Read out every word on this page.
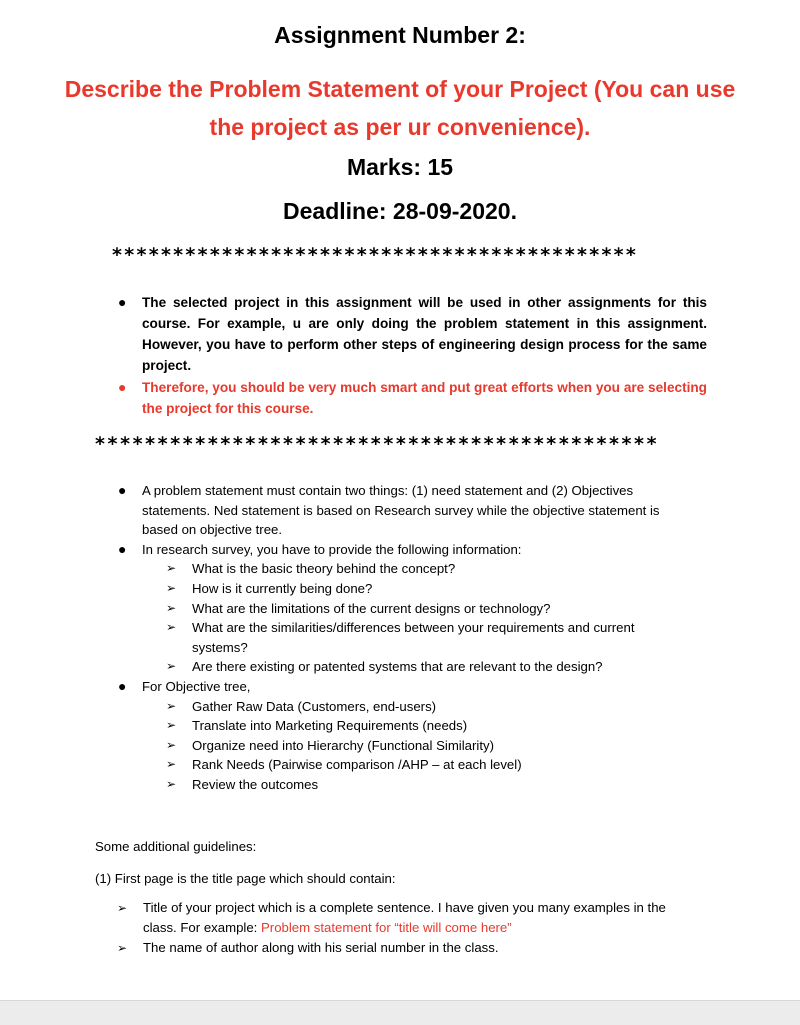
Assignment Number 2:
Describe the Problem Statement of your Project (You can use the project as per ur convenience).
Marks: 15
Deadline: 28-09-2020.
*******************************************
● The selected project in this assignment will be used in other assignments for this course. For example, u are only doing the problem statement in this assignment. However, you have to perform other steps of engineering design process for the same project.
● Therefore, you should be very much smart and put great efforts when you are selecting the project for this course.
*********************************************
● A problem statement must contain two things: (1) need statement and (2) Objectives statements. Ned statement is based on Research survey while the objective statement is based on objective tree.
● In research survey, you have to provide the following information:
➢ What is the basic theory behind the concept?
➢ How is it currently being done?
➢ What are the limitations of the current designs or technology?
➢ What are the similarities/differences between your requirements and current systems?
➢ Are there existing or patented systems that are relevant to the design?
● For Objective tree,
➢ Gather Raw Data (Customers, end-users)
➢ Translate into Marketing Requirements (needs)
➢ Organize need into Hierarchy (Functional Similarity)
➢ Rank Needs (Pairwise comparison /AHP – at each level)
➢ Review the outcomes
Some additional guidelines:
(1) First page is the title page which should contain:
➢ Title of your project which is a complete sentence. I have given you many examples in the class. For example: Problem statement for “title will come here”
➢ The name of author along with his serial number in the class.
